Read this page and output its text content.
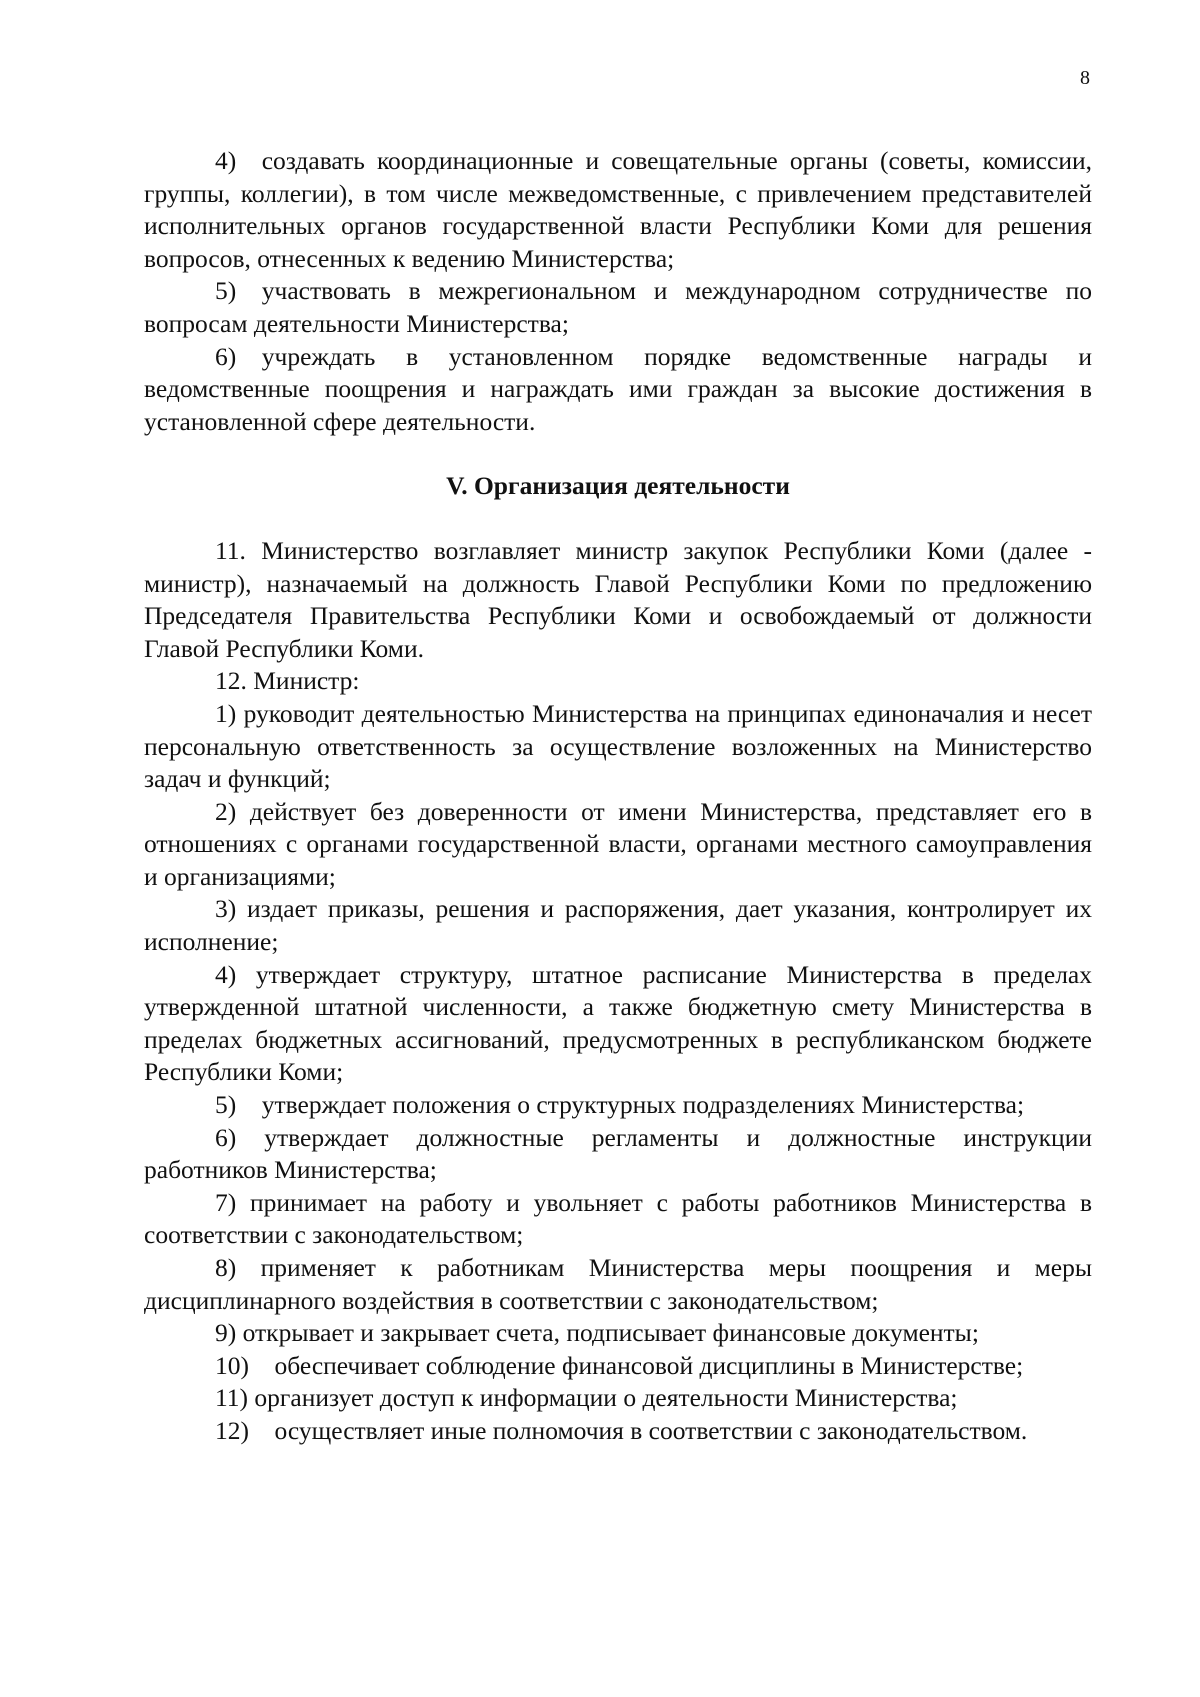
8

4) создавать координационные и совещательные органы (советы, комиссии, группы, коллегии), в том числе межведомственные, с привлечением представителей исполнительных органов государственной власти Республики Коми для решения вопросов, отнесенных к ведению Министерства;

5) участвовать в межрегиональном и международном сотрудничестве по вопросам деятельности Министерства;

6) учреждать в установленном порядке ведомственные награды и ведомственные поощрения и награждать ими граждан за высокие достижения в установленной сфере деятельности.

V. Организация деятельности

11. Министерство возглавляет министр закупок Республики Коми (далее - министр), назначаемый на должность Главой Республики Коми по предложению Председателя Правительства Республики Коми и освобождаемый от должности Главой Республики Коми.

12. Министр:

1) руководит деятельностью Министерства на принципах единоначалия и несет персональную ответственность за осуществление возложенных на Министерство задач и функций;

2) действует без доверенности от имени Министерства, представляет его в отношениях с органами государственной власти, органами местного самоуправления и организациями;

3) издает приказы, решения и распоряжения, дает указания, контролирует их исполнение;

4) утверждает структуру, штатное расписание Министерства в пределах утвержденной штатной численности, а также бюджетную смету Министерства в пределах бюджетных ассигнований, предусмотренных в республиканском бюджете Республики Коми;

5) утверждает положения о структурных подразделениях Министерства;

6) утверждает должностные регламенты и должностные инструкции работников Министерства;

7) принимает на работу и увольняет с работы работников Министерства в соответствии с законодательством;

8) применяет к работникам Министерства меры поощрения и меры дисциплинарного воздействия в соответствии с законодательством;

9) открывает и закрывает счета, подписывает финансовые документы;

10) обеспечивает соблюдение финансовой дисциплины в Министерстве;

11) организует доступ к информации о деятельности Министерства;

12) осуществляет иные полномочия в соответствии с законодательством.
